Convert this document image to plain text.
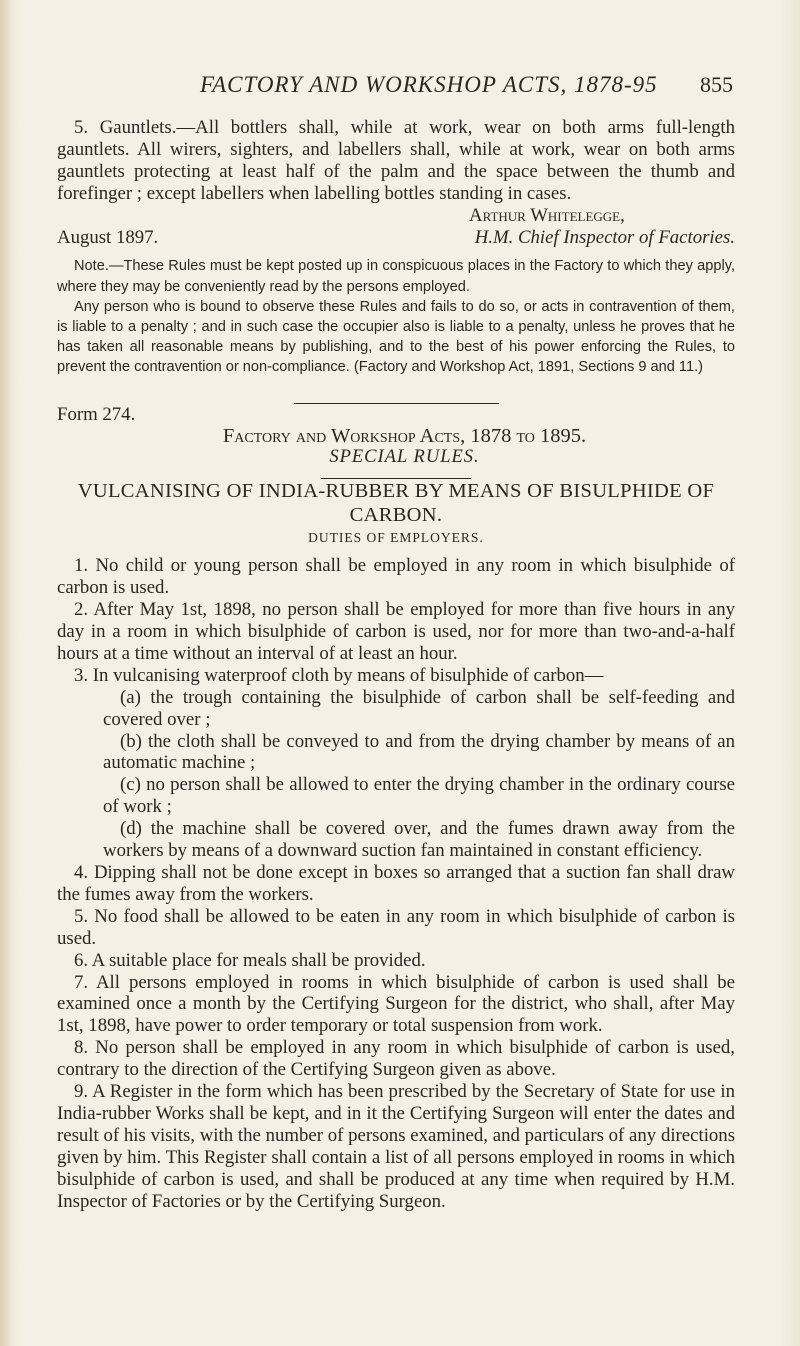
FACTORY AND WORKSHOP ACTS, 1878-95 855

5. Gauntlets.—All bottlers shall, while at work, wear on both arms full-length gauntlets. All wirers, sighters, and labellers shall, while at work, wear on both arms gauntlets protecting at least half of the palm and the space between the thumb and forefinger ; except labellers when labelling bottles standing in cases.

Arthur Whitelegge,

August 1897.	H.M. Chief Inspector of Factories.

Note.—These Rules must be kept posted up in conspicuous places in the Factory to which they apply, where they may be conveniently read by the persons employed.

Any person who is bound to observe these Rules and fails to do so, or acts in contravention of them, is liable to a penalty ; and in such case the occupier also is liable to a penalty, unless he proves that he has taken all reasonable means by publishing, and to the best of his power enforcing the Rules, to prevent the contravention or non-compliance. (Factory and Workshop Act, 1891, Sections 9 and 11.)

Form 274.

Factory and Workshop Acts, 1878 to 1895.

SPECIAL RULES.

VULCANISING OF INDIA-RUBBER BY MEANS OF BISULPHIDE OF CARBON.

DUTIES OF EMPLOYERS.

1. No child or young person shall be employed in any room in which bisulphide of carbon is used.

2. After May 1st, 1898, no person shall be employed for more than five hours in any day in a room in which bisulphide of carbon is used, nor for more than two-and-a-half hours at a time without an interval of at least an hour.

3. In vulcanising waterproof cloth by means of bisulphide of carbon—

(a) the trough containing the bisulphide of carbon shall be self-feeding and covered over ;

(b) the cloth shall be conveyed to and from the drying chamber by means of an automatic machine ;

(c) no person shall be allowed to enter the drying chamber in the ordinary course of work ;

(d) the machine shall be covered over, and the fumes drawn away from the workers by means of a downward suction fan maintained in constant efficiency.

4. Dipping shall not be done except in boxes so arranged that a suction fan shall draw the fumes away from the workers.

5. No food shall be allowed to be eaten in any room in which bisulphide of carbon is used.

6. A suitable place for meals shall be provided.

7. All persons employed in rooms in which bisulphide of carbon is used shall be examined once a month by the Certifying Surgeon for the district, who shall, after May 1st, 1898, have power to order temporary or total suspension from work.

8. No person shall be employed in any room in which bisulphide of carbon is used, contrary to the direction of the Certifying Surgeon given as above.

9. A Register in the form which has been prescribed by the Secretary of State for use in India-rubber Works shall be kept, and in it the Certifying Surgeon will enter the dates and result of his visits, with the number of persons examined, and particulars of any directions given by him. This Register shall contain a list of all persons employed in rooms in which bisulphide of carbon is used, and shall be produced at any time when required by H.M. Inspector of Factories or by the Certifying Surgeon.
